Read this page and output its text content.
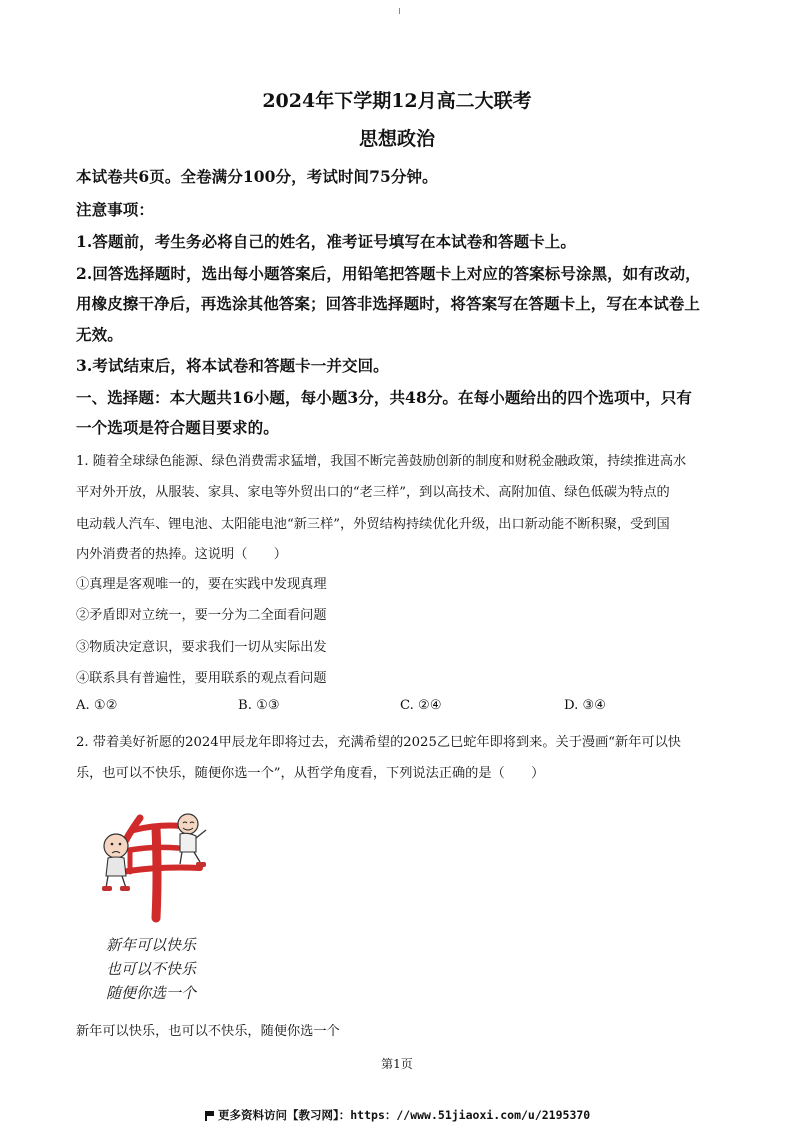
2024年下学期12月高二大联考
思想政治
本试卷共6页。全卷满分100分，考试时间75分钟。
注意事项：
1.答题前，考生务必将自己的姓名，准考证号填写在本试卷和答题卡上。
2.回答选择题时，选出每小题答案后，用铅笔把答题卡上对应的答案标号涂黑，如有改动，
用橡皮擦干净后，再选涂其他答案；回答非选择题时，将答案写在答题卡上，写在本试卷上
无效。
3.考试结束后，将本试卷和答题卡一并交回。
一、选择题：本大题共16小题，每小题3分，共48分。在每小题给出的四个选项中，只有
一个选项是符合题目要求的。
1. 随着全球绿色能源、绿色消费需求猛增，我国不断完善鼓励创新的制度和财税金融政策，持续推进高水
平对外开放，从服装、家具、家电等外贸出口的“老三样”，到以高技术、高附加值、绿色低碳为特点的
电动载人汽车、锂电池、太阳能电池“新三样”，外贸结构持续优化升级，出口新动能不断积聚，受到国
内外消费者的热捧。这说明（　　）
①真理是客观唯一的，要在实践中发现真理
②矛盾即对立统一，要一分为二全面看问题
③物质决定意识，要求我们一切从实际出发
④联系具有普遍性，要用联系的观点看问题
A. ①②	B. ①③	C. ②④	D. ③④
2. 带着美好祈愿的2024甲辰龙年即将过去，充满希望的2025乙巳蛇年即将到来。关于漫画“新年可以快
乐，也可以不快乐，随便你选一个”，从哲学角度看，下列说法正确的是（　　）
新年可以快乐
也可以不快乐
随便你选一个
新年可以快乐，也可以不快乐，随便你选一个
第1页
更多资料访问【教习网】：https：//www.51jiaoxi.com/u/2195370
